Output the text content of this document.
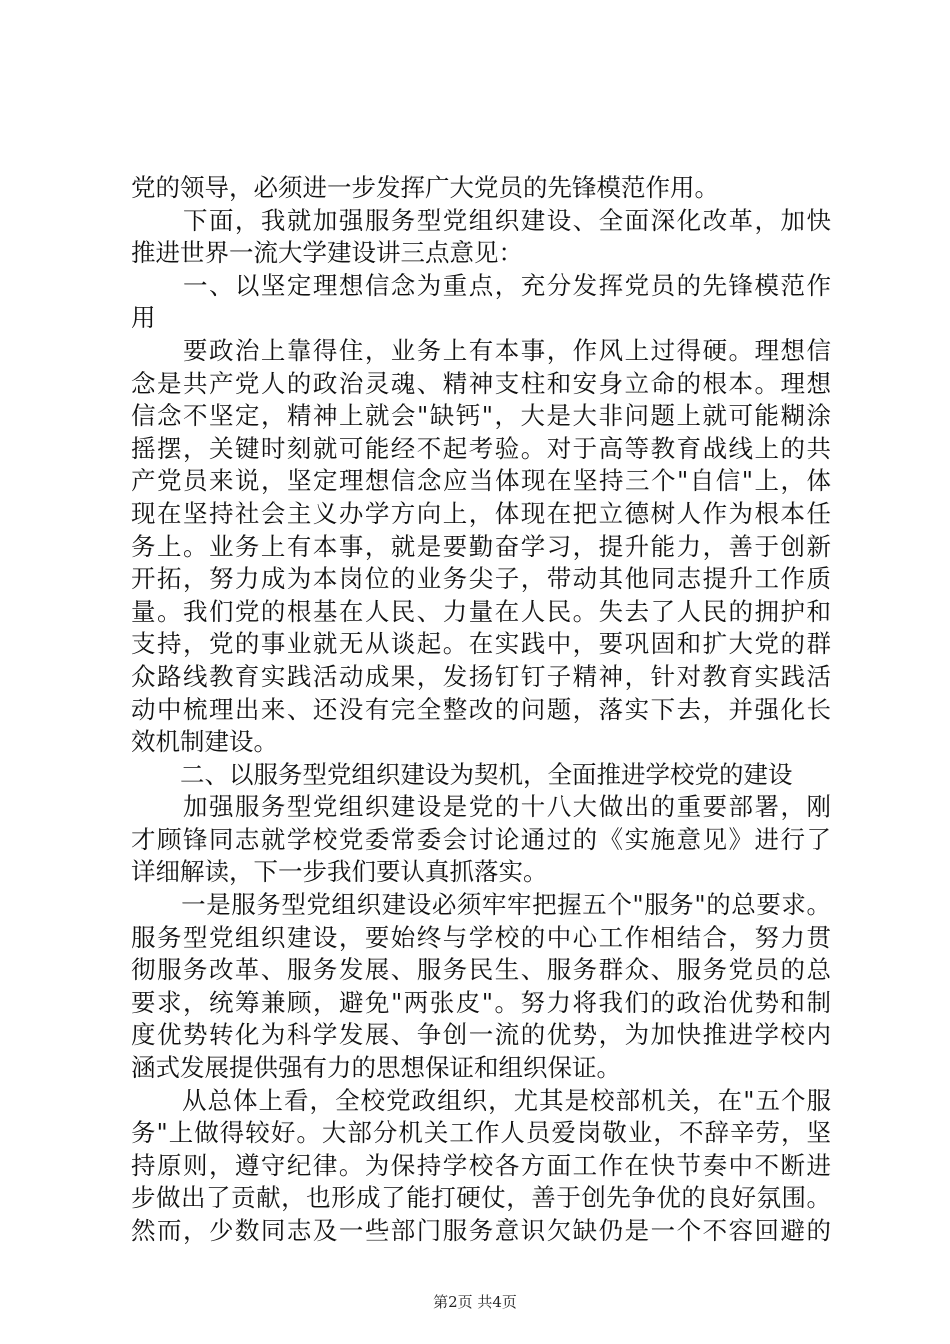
党的领导，必须进一步发挥广大党员的先锋模范作用。
　　下面，我就加强服务型党组织建设、全面深化改革，加快
推进世界一流大学建设讲三点意见：
　　一、以坚定理想信念为重点，充分发挥党员的先锋模范作
用
　　要政治上靠得住，业务上有本事，作风上过得硬。理想信
念是共产党人的政治灵魂、精神支柱和安身立命的根本。理想
信念不坚定，精神上就会"缺钙"，大是大非问题上就可能糊涂
摇摆，关键时刻就可能经不起考验。对于高等教育战线上的共
产党员来说，坚定理想信念应当体现在坚持三个"自信"上，体
现在坚持社会主义办学方向上，体现在把立德树人作为根本任
务上。业务上有本事，就是要勤奋学习，提升能力，善于创新
开拓，努力成为本岗位的业务尖子，带动其他同志提升工作质
量。我们党的根基在人民、力量在人民。失去了人民的拥护和
支持，党的事业就无从谈起。在实践中，要巩固和扩大党的群
众路线教育实践活动成果，发扬钉钉子精神，针对教育实践活
动中梳理出来、还没有完全整改的问题，落实下去，并强化长
效机制建设。
　　二、以服务型党组织建设为契机，全面推进学校党的建设
　　加强服务型党组织建设是党的十八大做出的重要部署，刚
才顾锋同志就学校党委常委会讨论通过的《实施意见》进行了
详细解读，下一步我们要认真抓落实。
　　一是服务型党组织建设必须牢牢把握五个"服务"的总要求。
服务型党组织建设，要始终与学校的中心工作相结合，努力贯
彻服务改革、服务发展、服务民生、服务群众、服务党员的总
要求，统筹兼顾，避免"两张皮"。努力将我们的政治优势和制
度优势转化为科学发展、争创一流的优势，为加快推进学校内
涵式发展提供强有力的思想保证和组织保证。
　　从总体上看，全校党政组织，尤其是校部机关，在"五个服
务"上做得较好。大部分机关工作人员爱岗敬业，不辞辛劳，坚
持原则，遵守纪律。为保持学校各方面工作在快节奏中不断进
步做出了贡献，也形成了能打硬仗，善于创先争优的良好氛围。
然而，少数同志及一些部门服务意识欠缺仍是一个不容回避的
第2页 共4页
